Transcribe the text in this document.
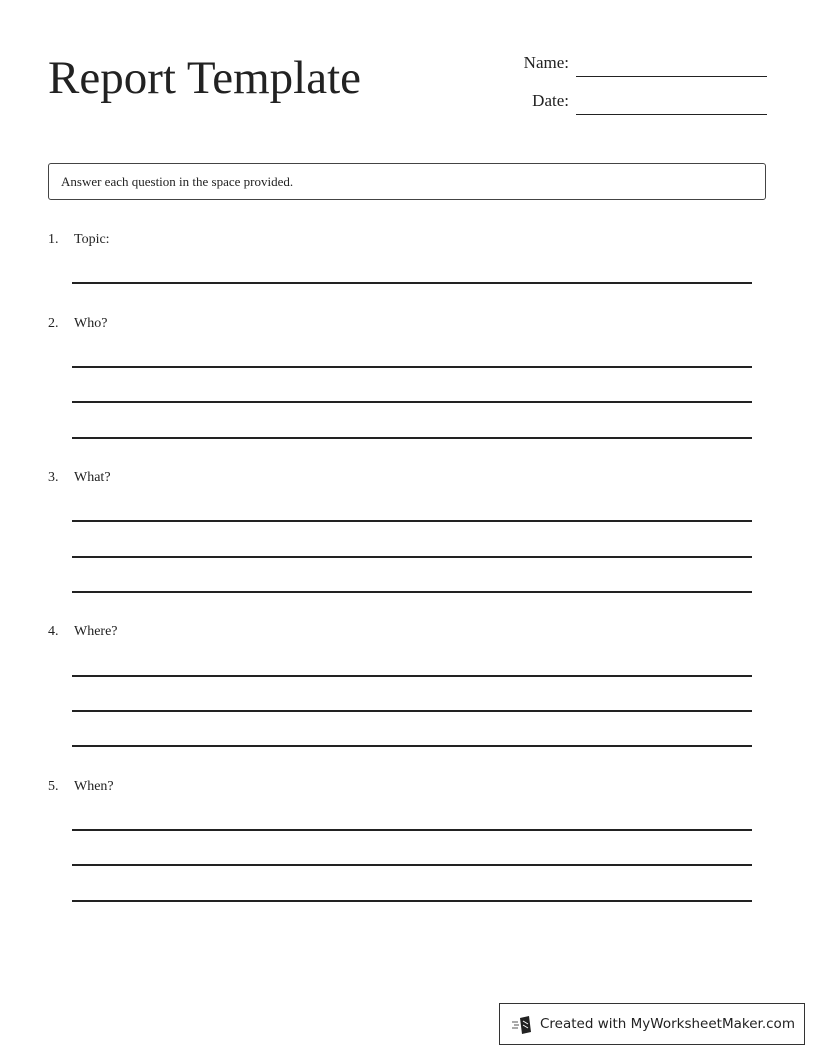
Report Template	Name:
Date:
Answer each question in the space provided.
1. Topic:
2. Who?
3. What?
4. Where?
5. When?
Created with MyWorksheetMaker.com
